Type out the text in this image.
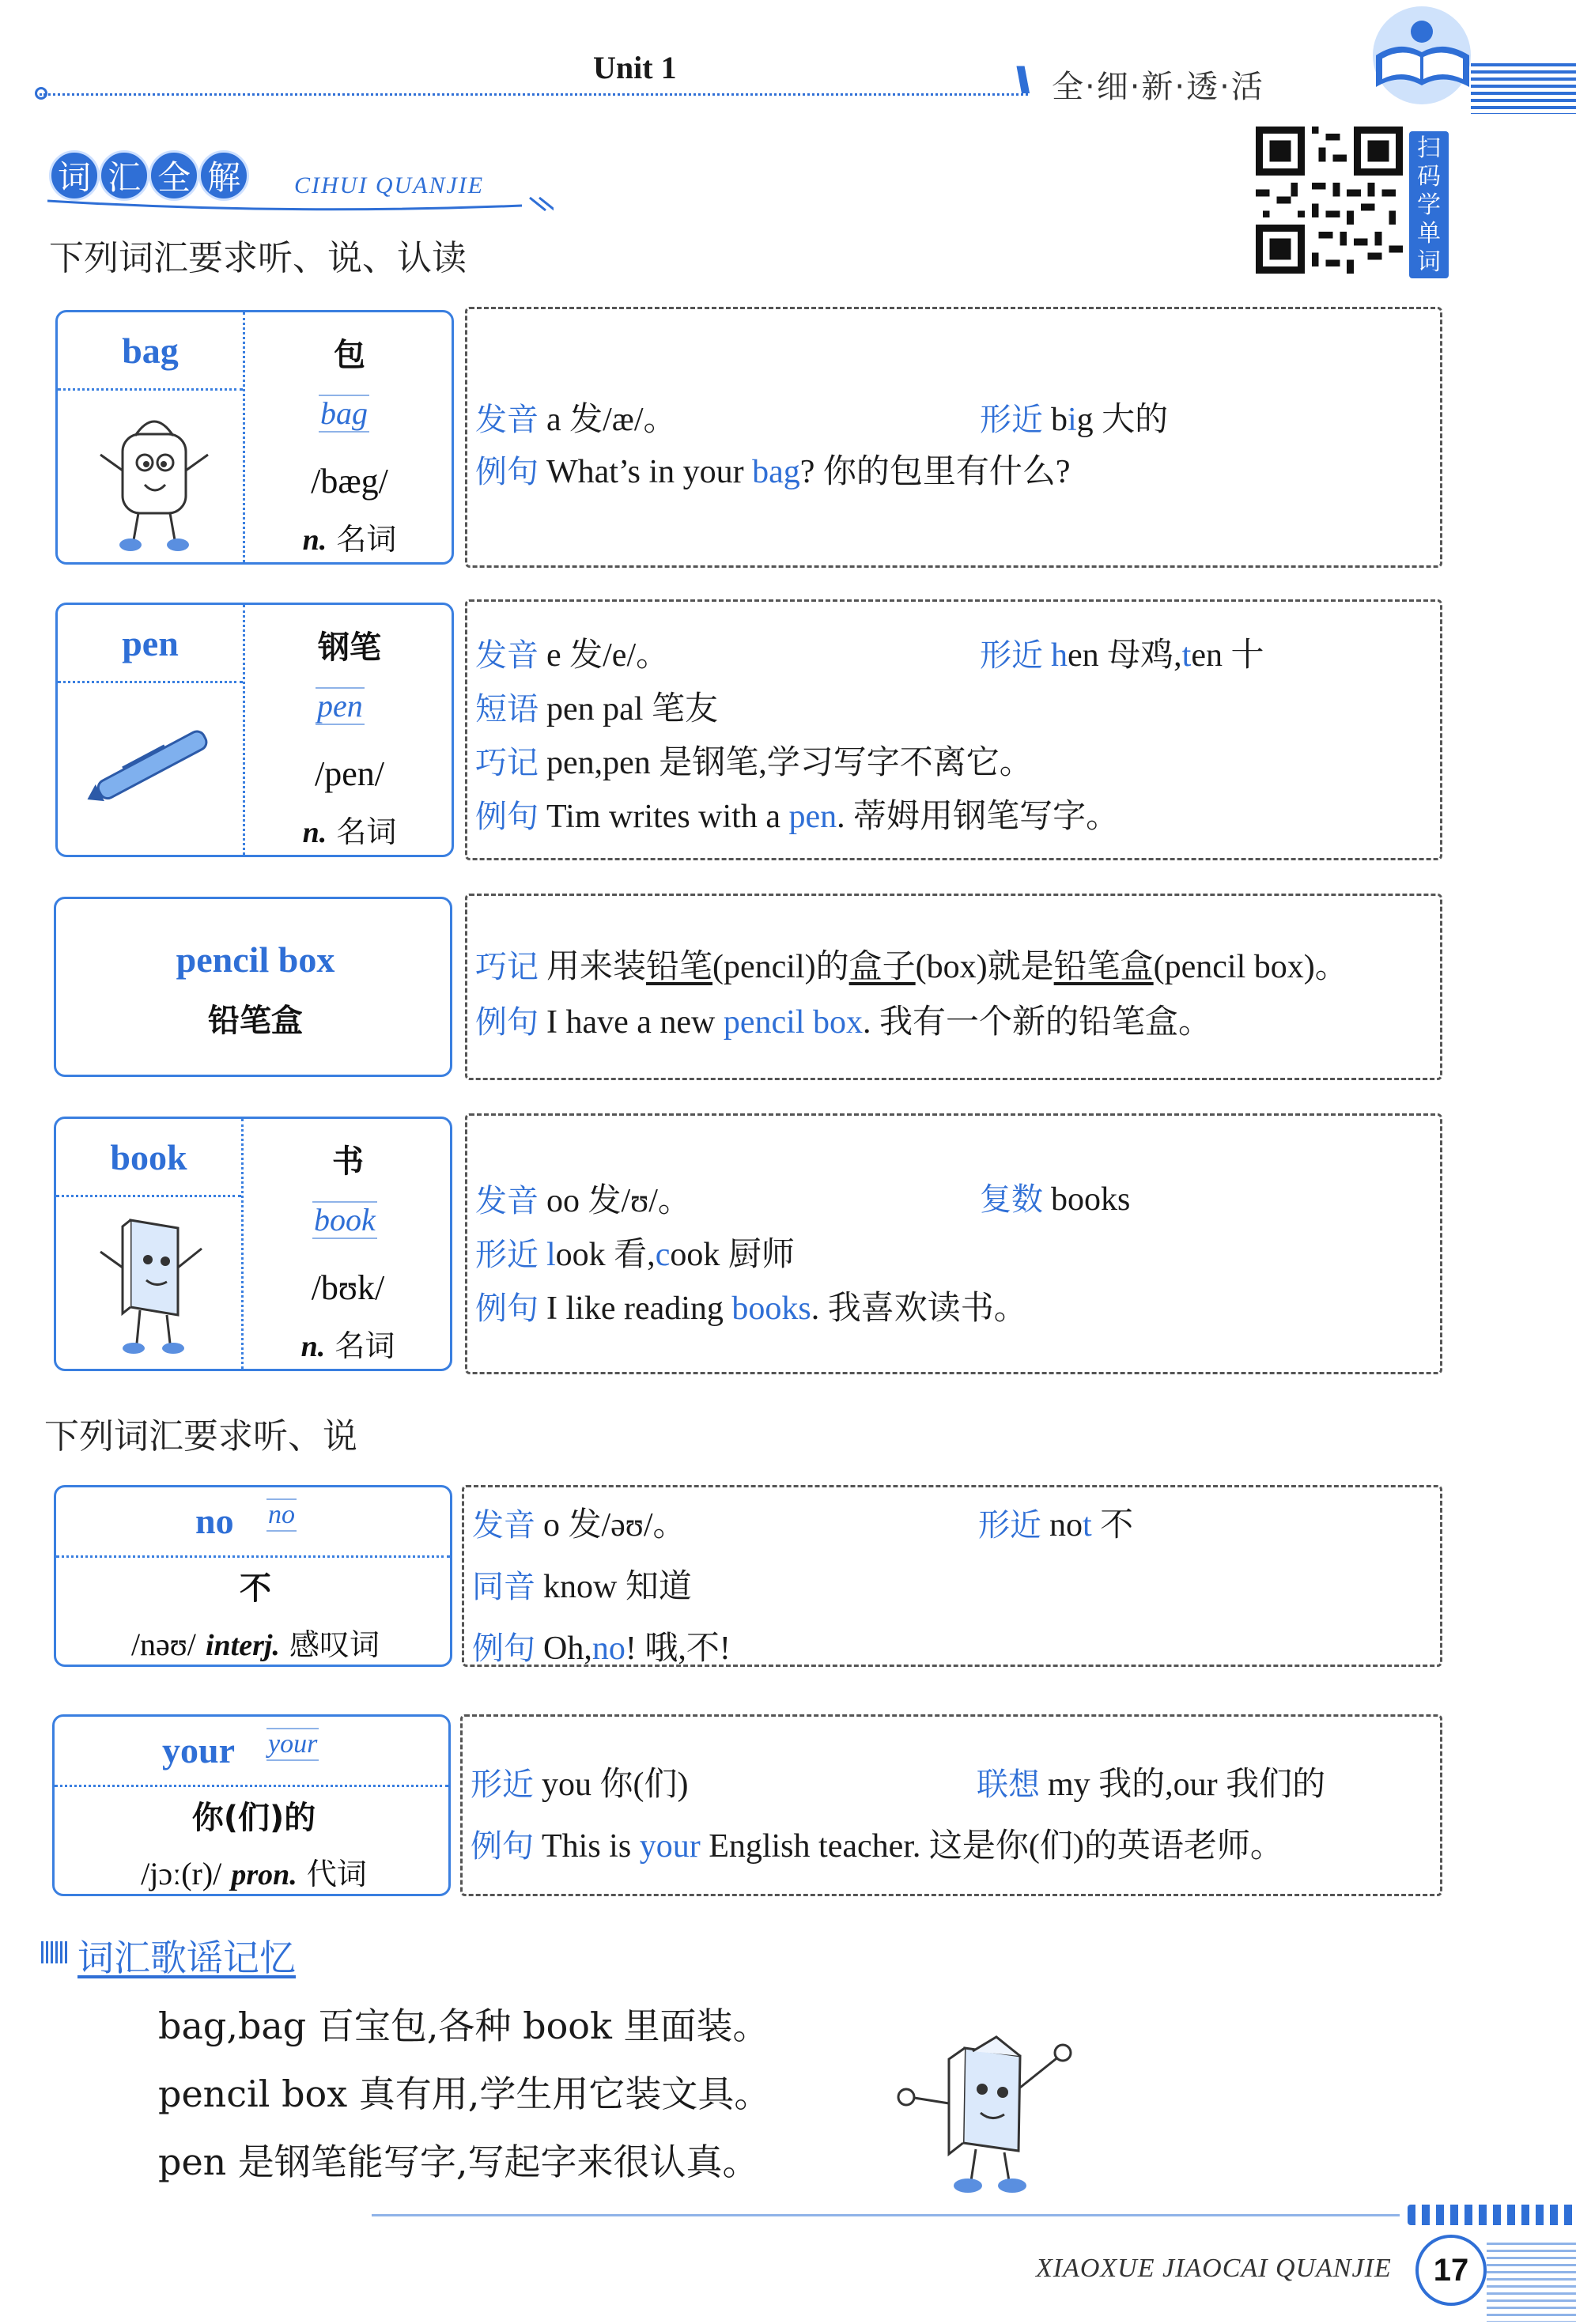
Unit 1	\\ 全·细·新·透·活
词 汇 全 解 CIHUI QUANJIE
下列词汇要求听、说、认读
扫
码
学
单
词
bag	包
bag
/bæg/
n. 名词
发音 a 发/æ/。	形近 big 大的
例句 What’s in your bag? 你的包里有什么?
pen	钢笔
pen
/pen/
n. 名词
发音 e 发/e/。	形近 hen 母鸡,ten 十
短语 pen pal 笔友
巧记 pen,pen 是钢笔,学习写字不离它。
例句 Tim writes with a pen. 蒂姆用钢笔写字。
pencil box
铅笔盒
巧记 用来装铅笔(pencil)的盒子(box)就是铅笔盒(pencil box)。
例句 I have a new pencil box. 我有一个新的铅笔盒。
book	书
book
/bʊk/
n. 名词
发音 oo 发/ʊ/。	复数 books
形近 look 看,cook 厨师
例句 I like reading books. 我喜欢读书。
下列词汇要求听、说
no no
不
/nəʊ/ interj. 感叹词
发音 o 发/əʊ/。	形近 not 不
同音 know 知道
例句 Oh,no! 哦,不!
your your
你(们)的
/jɔː(r)/ pron. 代词
形近 you 你(们)	联想 my 我的,our 我们的
例句 This is your English teacher. 这是你(们)的英语老师。
词汇歌谣记忆
bag,bag 百宝包,各种 book 里面装。
pencil box 真有用,学生用它装文具。
pen 是钢笔能写字,写起字来很认真。
XIAOXUE JIAOCAI QUANJIE	17
